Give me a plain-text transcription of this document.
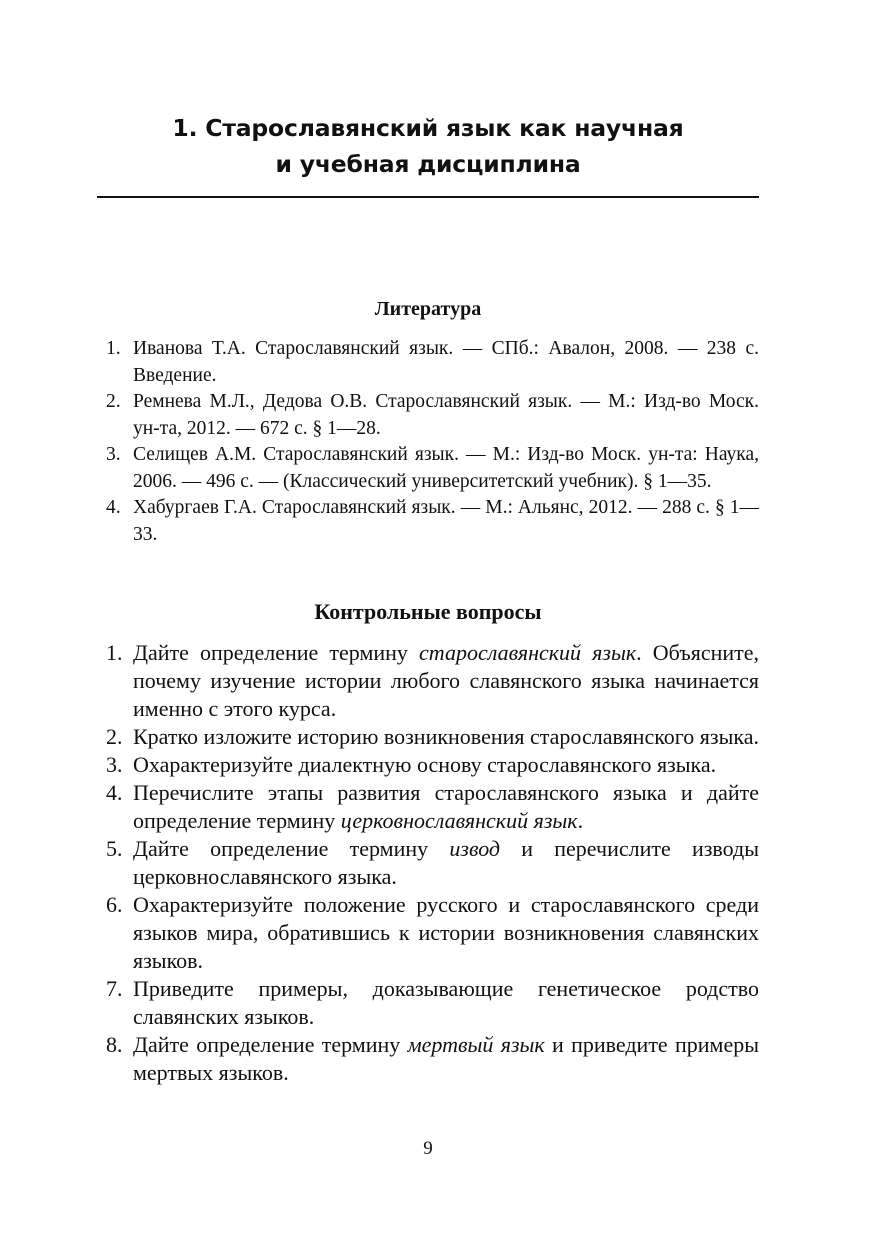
1. Старославянский язык как научная
и учебная дисциплина
Литература
1. Иванова Т.А. Старославянский язык. — СПб.: Авалон, 2008. — 238 с. Введение.
2. Ремнева М.Л., Дедова О.В. Старославянский язык. — М.: Изд-во Моск. ун-та, 2012. — 672 с. § 1—28.
3. Селищев А.М. Старославянский язык. — М.: Изд-во Моск. ун-та: Наука, 2006. — 496 с. — (Классический университетский учебник). § 1—35.
4. Хабургаев Г.А. Старославянский язык. — М.: Альянс, 2012. — 288 с. § 1—33.
Контрольные вопросы
1. Дайте определение термину старославянский язык. Объясните, почему изучение истории любого славянского языка начинается именно с этого курса.
2. Кратко изложите историю возникновения старославянского языка.
3. Охарактеризуйте диалектную основу старославянского языка.
4. Перечислите этапы развития старославянского языка и дайте определение термину церковнославянский язык.
5. Дайте определение термину извод и перечислите изводы церковнославянского языка.
6. Охарактеризуйте положение русского и старославянского среди языков мира, обратившись к истории возникновения славянских языков.
7. Приведите примеры, доказывающие генетическое родство славянских языков.
8. Дайте определение термину мертвый язык и приведите примеры мертвых языков.
9
